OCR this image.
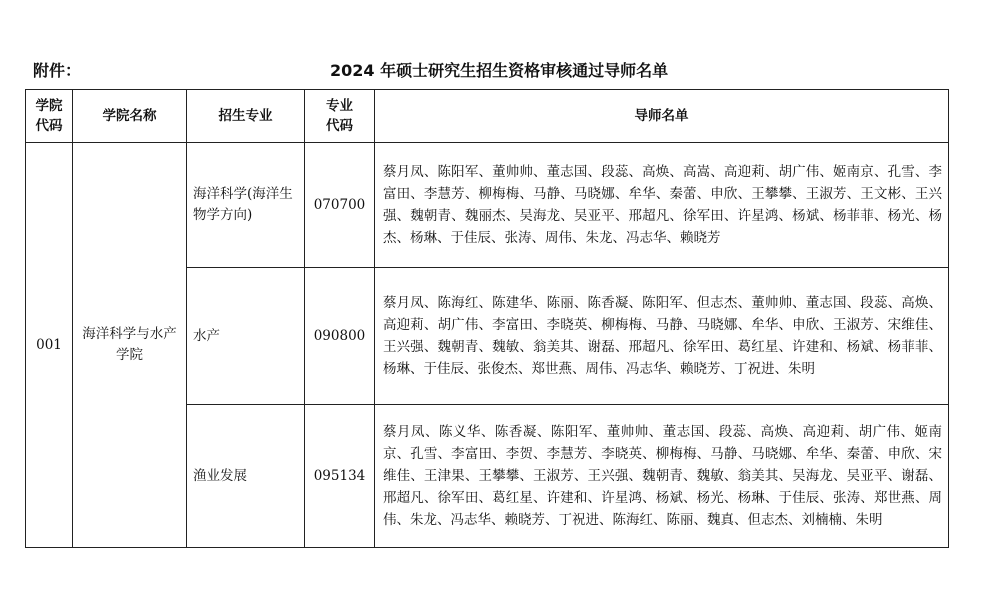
附件：	2024 年硕士研究生招生资格审核通过导师名单
学院代码	学院名称	招生专业	专业代码	导师名单
001	海洋科学与水产学院	海洋科学(海洋生物学方向)	070700	蔡月凤、陈阳军、董帅帅、董志国、段蕊、高焕、高嵩、高迎莉、胡广伟、姬南京、孔雪、李富田、李慧芳、柳梅梅、马静、马晓娜、牟华、秦蕾、申欣、王攀攀、王淑芳、王文彬、王兴强、魏朝青、魏丽杰、吴海龙、吴亚平、邢超凡、徐军田、许星鸿、杨斌、杨菲菲、杨光、杨杰、杨琳、于佳辰、张涛、周伟、朱龙、冯志华、赖晓芳
		水产	090800	蔡月凤、陈海红、陈建华、陈丽、陈香凝、陈阳军、但志杰、董帅帅、董志国、段蕊、高焕、高迎莉、胡广伟、李富田、李晓英、柳梅梅、马静、马晓娜、牟华、申欣、王淑芳、宋维佳、王兴强、魏朝青、魏敏、翁美其、谢磊、邢超凡、徐军田、葛红星、许建和、杨斌、杨菲菲、杨琳、于佳辰、张俊杰、郑世燕、周伟、冯志华、赖晓芳、丁祝进、朱明
		渔业发展	095134	蔡月凤、陈义华、陈香凝、陈阳军、董帅帅、董志国、段蕊、高焕、高迎莉、胡广伟、姬南京、孔雪、李富田、李贺、李慧芳、李晓英、柳梅梅、马静、马晓娜、牟华、秦蕾、申欣、宋维佳、王津果、王攀攀、王淑芳、王兴强、魏朝青、魏敏、翁美其、吴海龙、吴亚平、谢磊、邢超凡、徐军田、葛红星、许建和、许星鸿、杨斌、杨光、杨琳、于佳辰、张涛、郑世燕、周伟、朱龙、冯志华、赖晓芳、丁祝进、陈海红、陈丽、魏真、但志杰、刘楠楠、朱明
